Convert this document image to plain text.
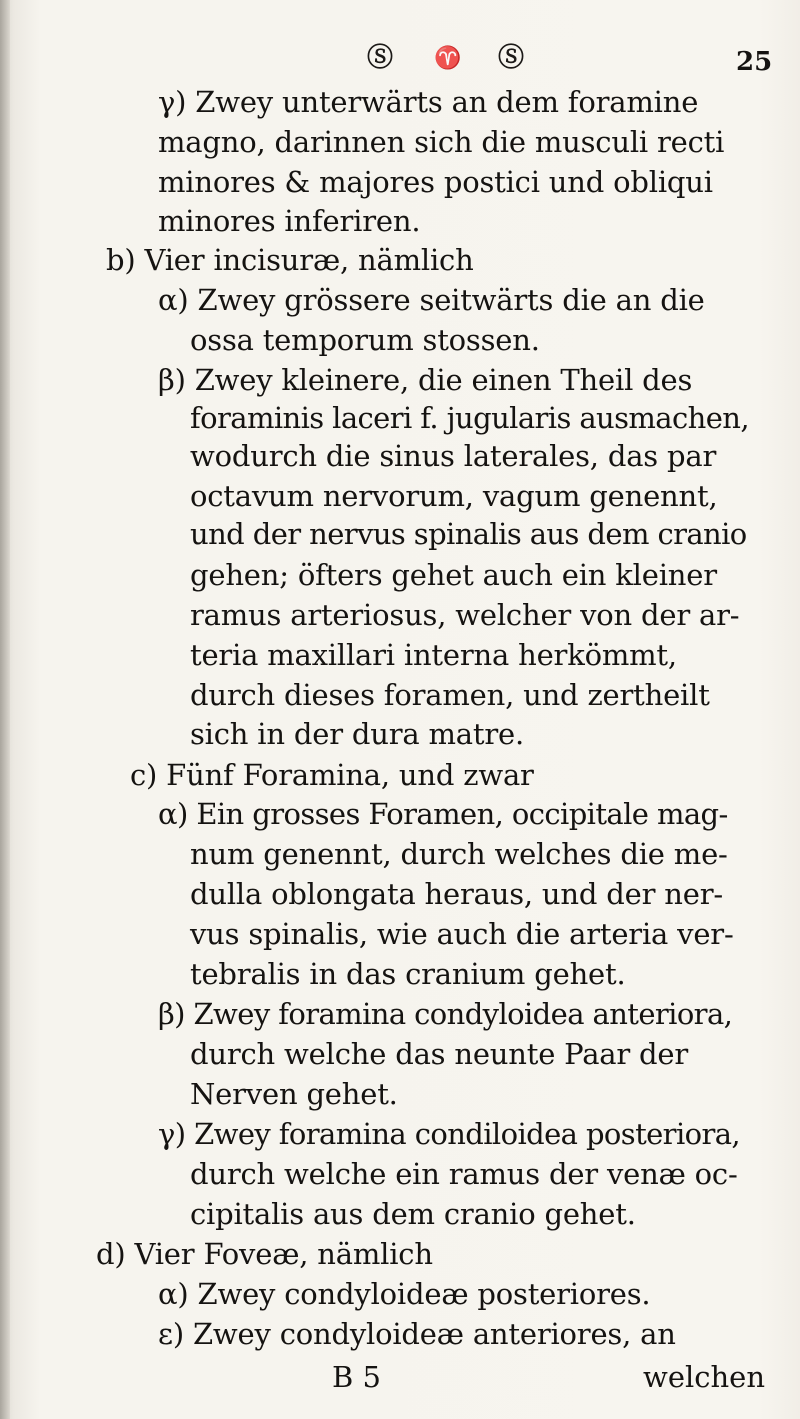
Ⓢ ♈ Ⓢ	25
γ) Zwey unterwärts an dem foramine
magno, darinnen sich die musculi recti
minores & majores postici und obliqui
minores inferiren.
b) Vier incisuræ, nämlich
α) Zwey grössere seitwärts die an die
ossa temporum stossen.
β) Zwey kleinere, die einen Theil des
foraminis laceri f. jugularis ausmachen,
wodurch die sinus laterales, das par
octavum nervorum, vagum genennt,
und der nervus spinalis aus dem cranio
gehen; öfters gehet auch ein kleiner
ramus arteriosus, welcher von der ar-
teria maxillari interna herkömmt,
durch dieses foramen, und zertheilt
sich in der dura matre.
c) Fünf Foramina, und zwar
α) Ein grosses Foramen, occipitale mag-
num genennt, durch welches die me-
dulla oblongata heraus, und der ner-
vus spinalis, wie auch die arteria ver-
tebralis in das cranium gehet.
β) Zwey foramina condyloidea anteriora,
durch welche das neunte Paar der
Nerven gehet.
γ) Zwey foramina condiloidea posteriora,
durch welche ein ramus der venæ oc-
cipitalis aus dem cranio gehet.
d) Vier Foveæ, nämlich
α) Zwey condyloideæ posteriores.
ε) Zwey condyloideæ anteriores, an
B 5	welchen
